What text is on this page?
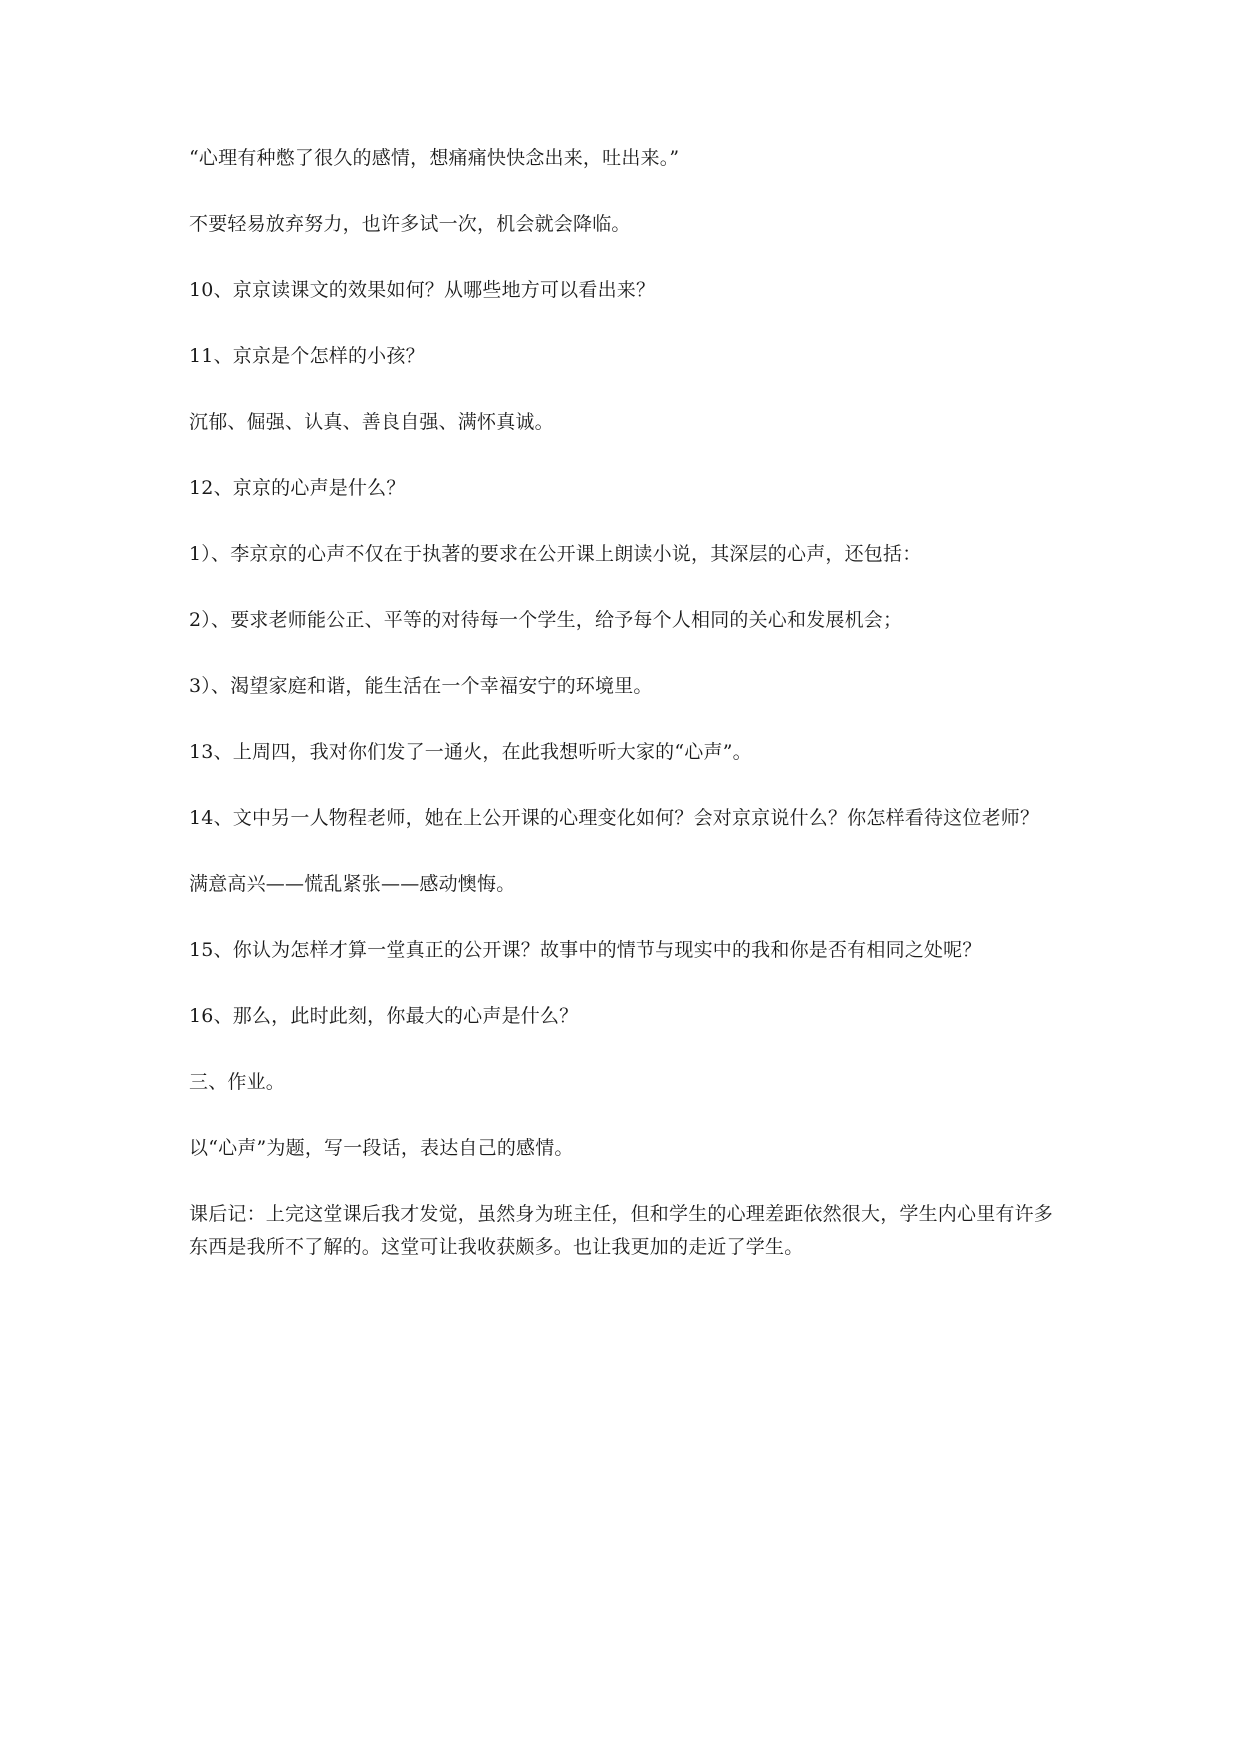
“心理有种憋了很久的感情，想痛痛快快念出来，吐出来。”

不要轻易放弃努力，也许多试一次，机会就会降临。

10、京京读课文的效果如何？从哪些地方可以看出来？

11、京京是个怎样的小孩？

沉郁、倔强、认真、善良自强、满怀真诚。

12、京京的心声是什么？

1）、李京京的心声不仅在于执著的要求在公开课上朗读小说，其深层的心声，还包括：

2）、要求老师能公正、平等的对待每一个学生，给予每个人相同的关心和发展机会；

3）、渴望家庭和谐，能生活在一个幸福安宁的环境里。

13、上周四，我对你们发了一通火，在此我想听听大家的“心声”。

14、文中另一人物程老师，她在上公开课的心理变化如何？会对京京说什么？你怎样看待这位老师？

满意高兴——慌乱紧张——感动懊悔。

15、你认为怎样才算一堂真正的公开课？故事中的情节与现实中的我和你是否有相同之处呢？

16、那么，此时此刻，你最大的心声是什么？

三、作业。

以“心声”为题，写一段话，表达自己的感情。

课后记：上完这堂课后我才发觉，虽然身为班主任，但和学生的心理差距依然很大，学生内心里有许多东西是我所不了解的。这堂可让我收获颇多。也让我更加的走近了学生。
